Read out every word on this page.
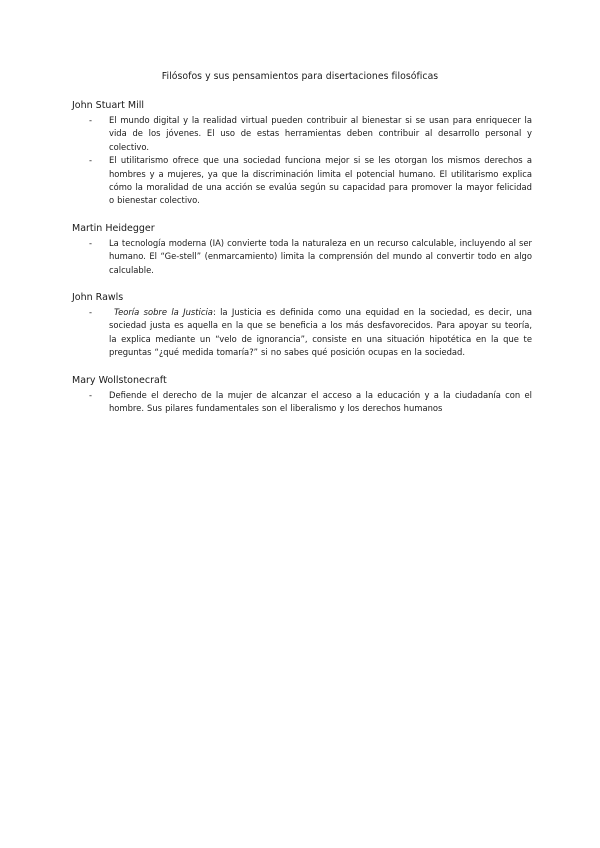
Filósofos y sus pensamientos para disertaciones filosóficas
John Stuart Mill
- El mundo digital y la realidad virtual pueden contribuir al bienestar si se usan para enriquecer la vida de los jóvenes. El uso de estas herramientas deben contribuir al desarrollo personal y colectivo.
- El utilitarismo ofrece que una sociedad funciona mejor si se les otorgan los mismos derechos a hombres y a mujeres, ya que la discriminación limita el potencial humano. El utilitarismo explica cómo la moralidad de una acción se evalúa según su capacidad para promover la mayor felicidad o bienestar colectivo.
Martin Heidegger
- La tecnología moderna (IA) convierte toda la naturaleza en un recurso calculable, incluyendo al ser humano. El “Ge-stell” (enmarcamiento) limita la comprensión del mundo al convertir todo en algo calculable.
John Rawls
-	Teoría sobre la Justicia: la Justicia es definida como una equidad en la sociedad, es decir, una sociedad justa es aquella en la que se beneficia a los más desfavorecidos. Para apoyar su teoría, la explica mediante un “velo de ignorancia”, consiste en una situación hipotética en la que te preguntas “¿qué medida tomaría?” si no sabes qué posición ocupas en la sociedad.
Mary Wollstonecraft
- Defiende el derecho de la mujer de alcanzar el acceso a la educación y a la ciudadanía con el hombre. Sus pilares fundamentales son el liberalismo y los derechos humanos
